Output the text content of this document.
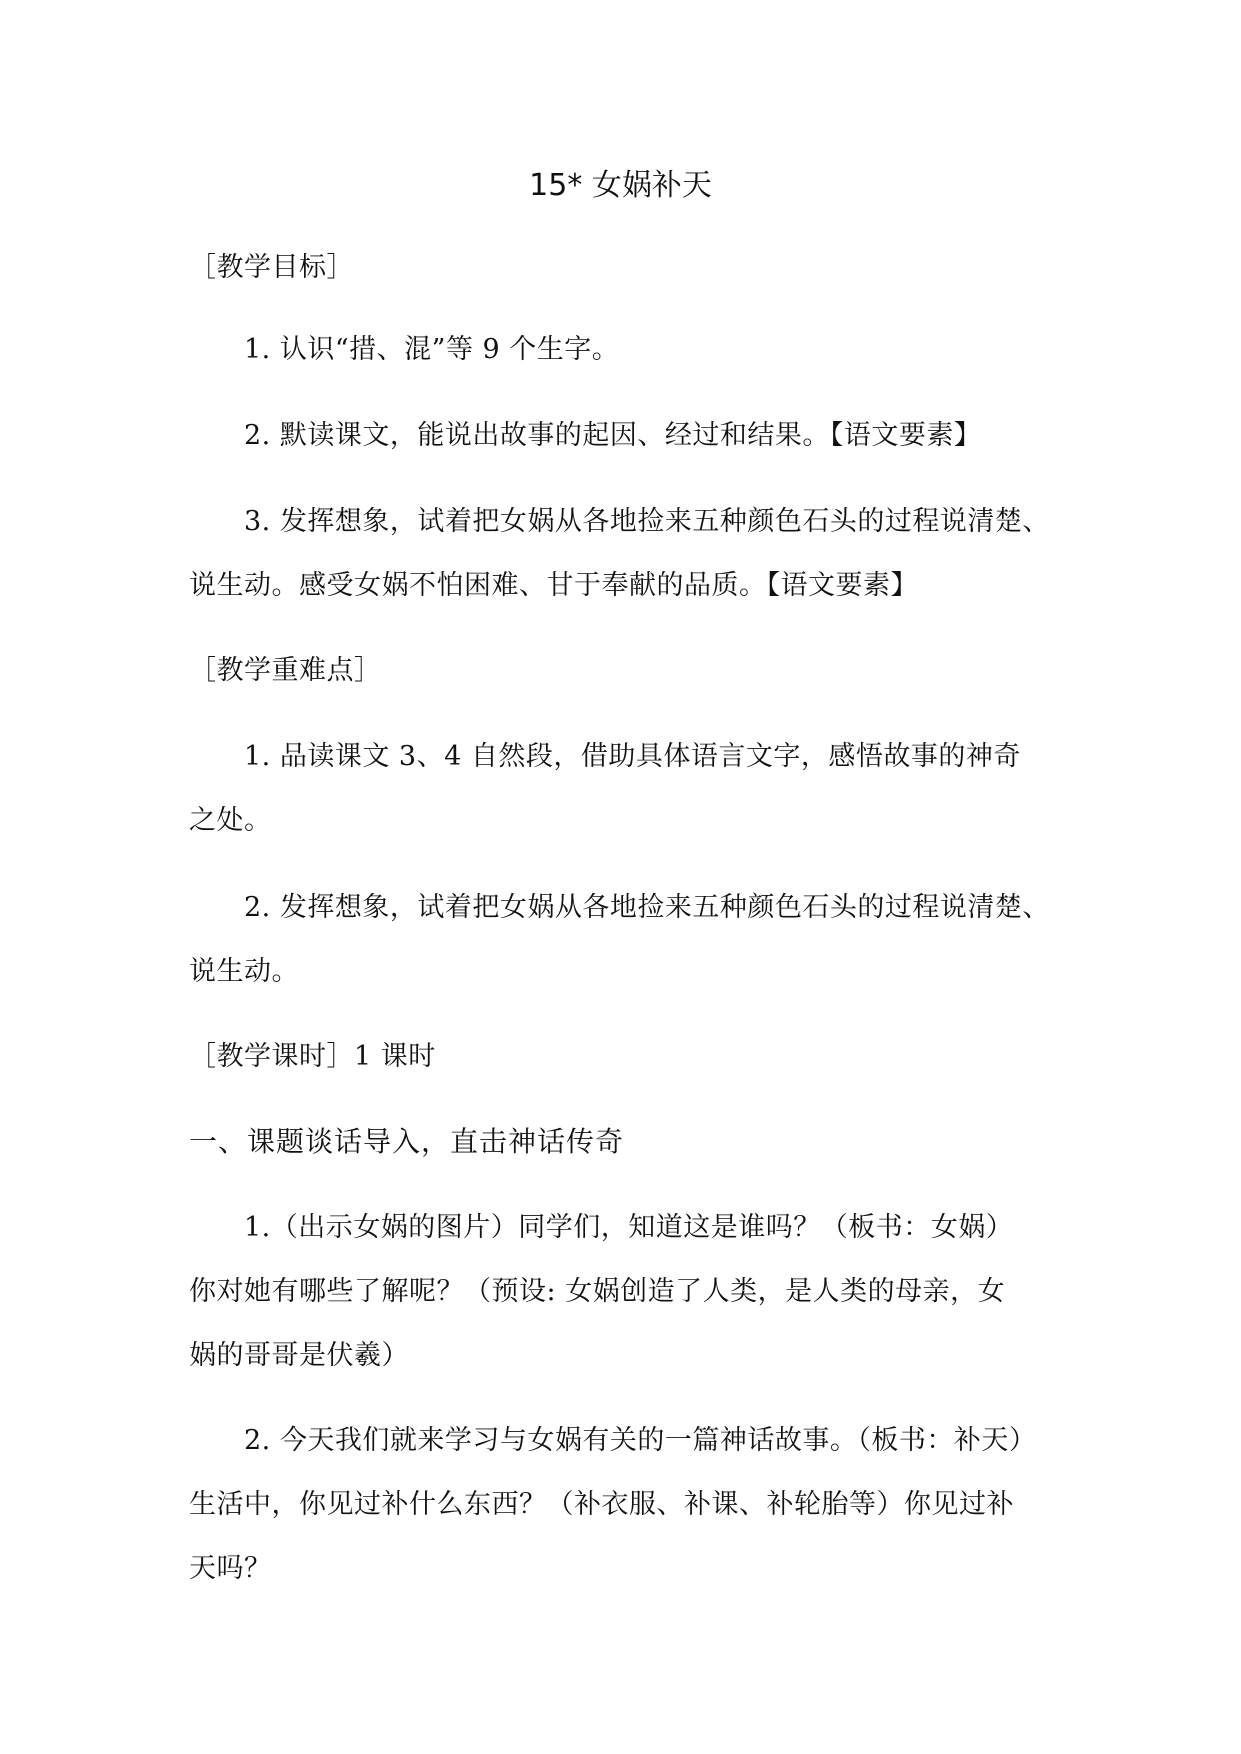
15* 女娲补天
［教学目标］
1. 认识“措、混”等 9 个生字。
2. 默读课文，能说出故事的起因、经过和结果。【语文要素】
3. 发挥想象，试着把女娲从各地捡来五种颜色石头的过程说清楚、
说生动。感受女娲不怕困难、甘于奉献的品质。【语文要素】
［教学重难点］
1. 品读课文 3、4 自然段，借助具体语言文字，感悟故事的神奇
之处。
2. 发挥想象，试着把女娲从各地捡来五种颜色石头的过程说清楚、
说生动。
［教学课时］1 课时
一、课题谈话导入，直击神话传奇
1.（出示女娲的图片）同学们，知道这是谁吗？（板书：女娲）
你对她有哪些了解呢？（预设: 女娲创造了人类，是人类的母亲，女
娲的哥哥是伏羲）
2. 今天我们就来学习与女娲有关的一篇神话故事。（板书：补天）
生活中，你见过补什么东西？（补衣服、补课、补轮胎等）你见过补
天吗？
